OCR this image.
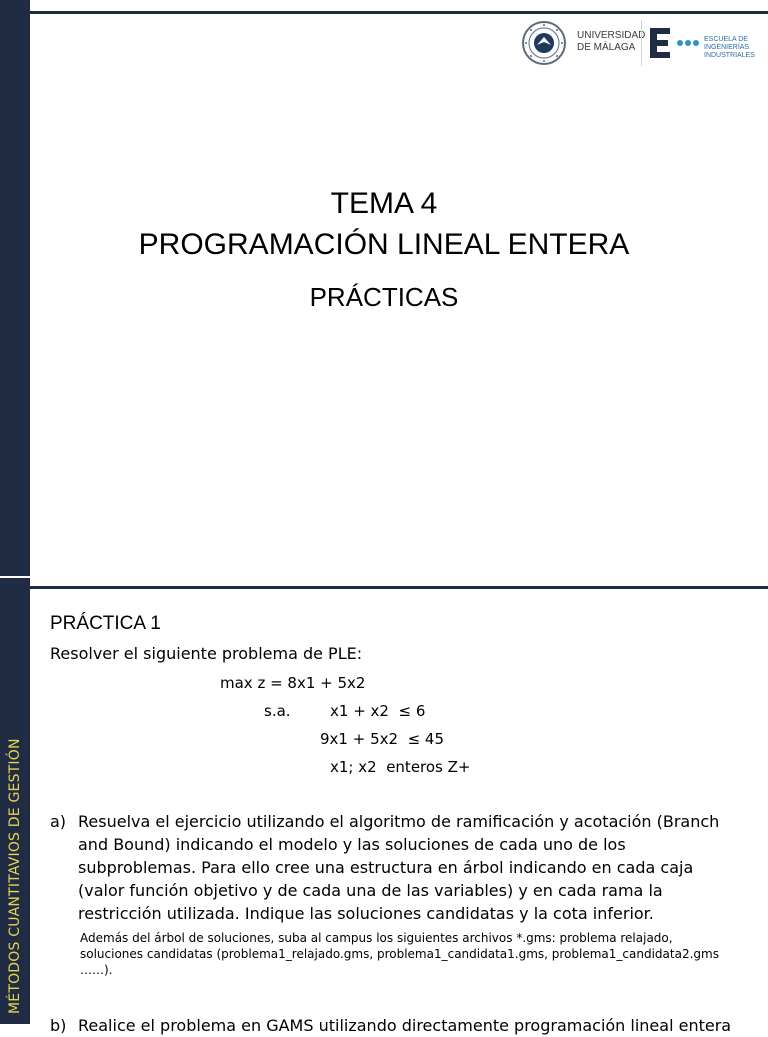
MÉTODOS CUANTITAVIOS DE GESTIÓN
UNIVERSIDAD
DE MÁLAGA
ESCUELA DE
INGENIERÍAS
INDUSTRIALES
TEMA 4
PROGRAMACIÓN LINEAL ENTERA
PRÁCTICAS
PRÁCTICA 1
Resolver el siguiente problema de PLE:
max z = 8x1 + 5x2
s.a.	x1 + x2  ≤ 6
9x1 + 5x2  ≤ 45
x1; x2  enteros Z+
a) Resuelva el ejercicio utilizando el algoritmo de ramificación y acotación (Branch and Bound) indicando el modelo y las soluciones de cada uno de los subproblemas. Para ello cree una estructura en árbol indicando en cada caja (valor función objetivo y de cada una de las variables) y en cada rama la restricción utilizada. Indique las soluciones candidatas y la cota inferior.
Además del árbol de soluciones, suba al campus los siguientes archivos *.gms: problema relajado, soluciones candidatas (problema1_relajado.gms, problema1_candidata1.gms, problema1_candidata2.gms ……).
b) Realice el problema en GAMS utilizando directamente programación lineal entera
